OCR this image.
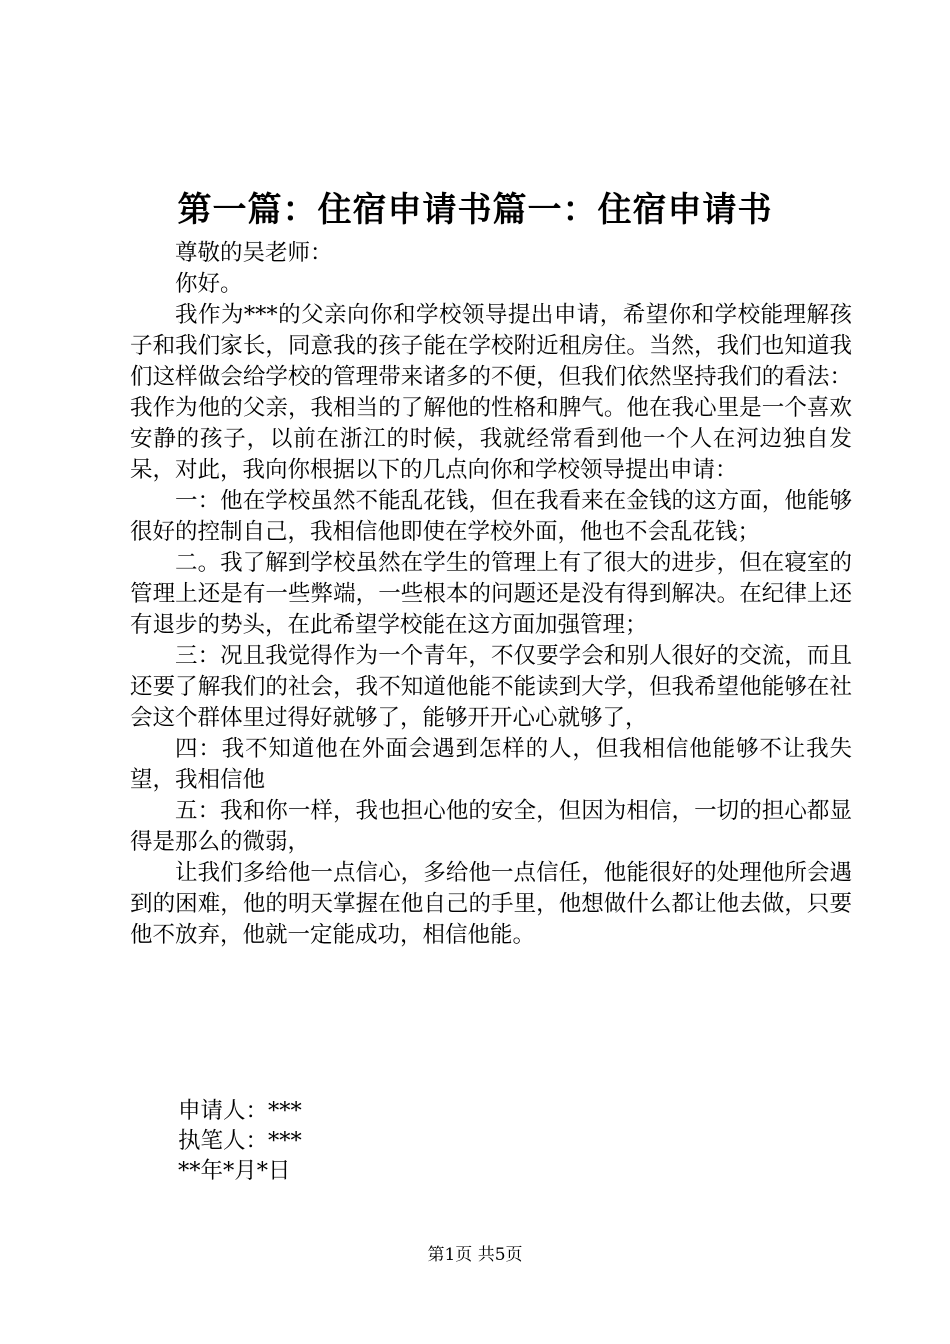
第一篇：住宿申请书篇一：住宿申请书

尊敬的吴老师：

你好。

我作为***的父亲向你和学校领导提出申请，希望你和学校能理解孩子和我们家长，同意我的孩子能在学校附近租房住。当然，我们也知道我们这样做会给学校的管理带来诸多的不便，但我们依然坚持我们的看法：我作为他的父亲，我相当的了解他的性格和脾气。他在我心里是一个喜欢安静的孩子，以前在浙江的时候，我就经常看到他一个人在河边独自发呆，对此，我向你根据以下的几点向你和学校领导提出申请：

一：他在学校虽然不能乱花钱，但在我看来在金钱的这方面，他能够很好的控制自己，我相信他即使在学校外面，他也不会乱花钱；

二。我了解到学校虽然在学生的管理上有了很大的进步，但在寝室的管理上还是有一些弊端，一些根本的问题还是没有得到解决。在纪律上还有退步的势头，在此希望学校能在这方面加强管理；

三：况且我觉得作为一个青年，不仅要学会和别人很好的交流，而且还要了解我们的社会，我不知道他能不能读到大学，但我希望他能够在社会这个群体里过得好就够了，能够开开心心就够了，

四：我不知道他在外面会遇到怎样的人，但我相信他能够不让我失望，我相信他

五：我和你一样，我也担心他的安全，但因为相信，一切的担心都显得是那么的微弱，

让我们多给他一点信心，多给他一点信任，他能很好的处理他所会遇到的困难，他的明天掌握在他自己的手里，他想做什么都让他去做，只要他不放弃，他就一定能成功，相信他能。

申请人：***
执笔人：***
**年*月*日
第1页 共5页
